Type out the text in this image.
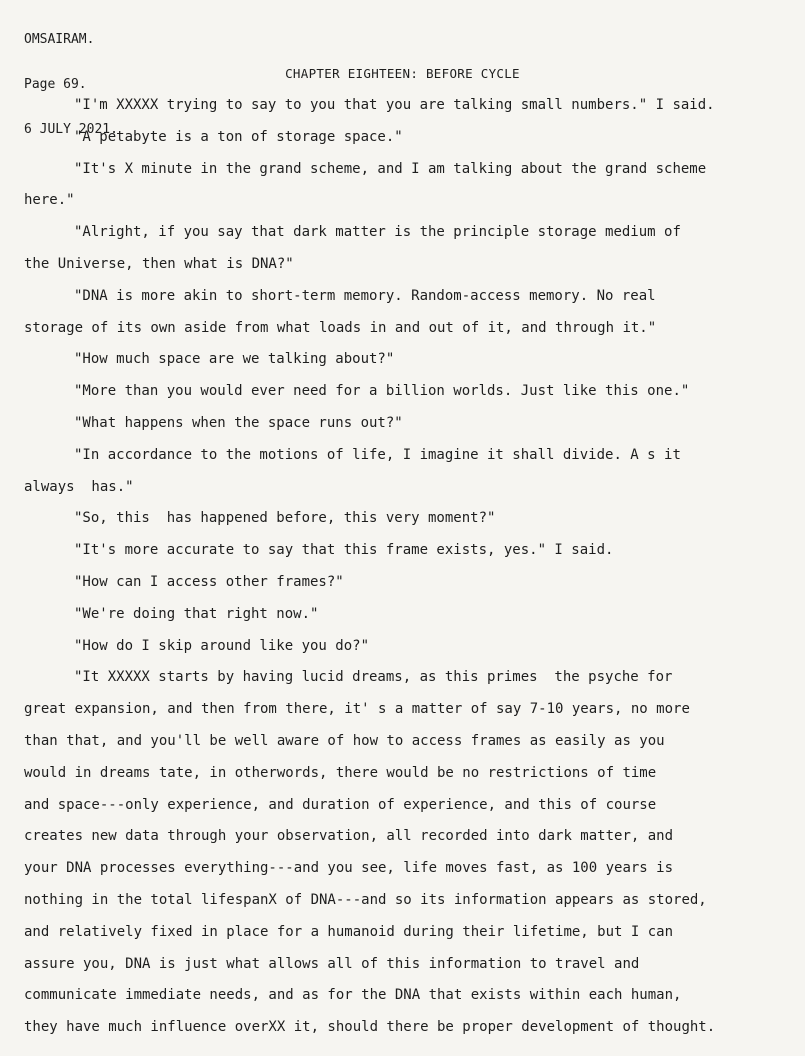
OMSAIRAM.

Page 69.

6 JULY 2021.

CHAPTER EIGHTEEN: BEFORE CYCLE
"I'm XXXXX trying to say to you that you are talking small numbers." I said.
"A petabyte is a ton of storage space."
"It's X minute in the grand scheme, and I am talking about the grand scheme
here."
"Alright, if you say that dark matter is the principle storage medium of
the Universe, then what is DNA?"
"DNA is more akin to short-term memory. Random-access memory. No real
storage of its own aside from what loads in and out of it, and through it."
"How much space are we talking about?"
"More than you would ever need for a billion worlds. Just like this one."
"What happens when the space runs out?"
"In accordance to the motions of life, I imagine it shall divide. A s it
always  has."
"So, this  has happened before, this very moment?"
"It's more accurate to say that this frame exists, yes." I said.
"How can I access other frames?"
"We're doing that right now."
"How do I skip around like you do?"
"It XXXXX starts by having lucid dreams, as this primes  the psyche for
great expansion, and then from there, it' s a matter of say 7-10 years, no more
than that, and you'll be well aware of how to access frames as easily as you
would in dreams tate, in otherwords, there would be no restrictions of time
and space---only experience, and duration of experience, and this of course
creates new data through your observation, all recorded into dark matter, and
your DNA processes everything---and you see, life moves fast, as 100 years is
nothing in the total lifespanX of DNA---and so its information appears as stored,
and relatively fixed in place for a humanoid during their lifetime, but I can
assure you, DNA is just what allows all of this information to travel and
communicate immediate needs, and as for the DNA that exists within each human,
they have much influence overXX it, should there be proper development of thought.
